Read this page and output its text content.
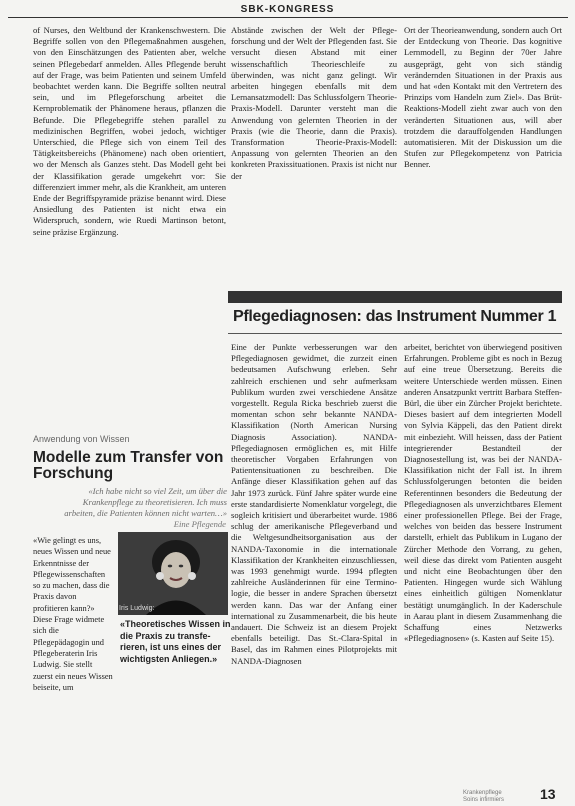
SBK-KONGRESS

of Nurses, den Weltbund der Krankenschwestern. Die Begriffe sollen von den Pflegemaßnahmen ausgehen, von den Einschätzungen des Patienten aber, welche seinen Pflegebedarf anmelden. Alles Pflegende beruht auf der Frage, was beim Patienten und seinem Umfeld beobachtet werden kann. Die Begriffe sollten neutral sein, und im Pflegeforschung arbeitet die Kernproblematik der Phänomene heraus, pflanzen die Befunde. Die Pflegebegriffe stehen parallel zu medizinischen Begriffen, wobei jedoch, wichtiger Unterschied, die Pflege sich von einem Teil des Tätigkeitsbereichs (Phänomene) nach oben orientiert, wo der Mensch als Ganzes steht. Das Modell geht bei der Klassifikation gerade umgekehrt vor: Sie differenziert immer mehr, als die Krankheit, am unteren Ende der Begriffspyramide präzise benannt wird. Diese Ansiedlung des Patienten ist nicht etwa ein Widerspruch, sondern, wie Ruedi Martinson betont, seine präzise Ergänzung.

Abstände zwischen der Welt der Pflegeforschung und der Welt der Pflegenden fast. Sie versucht diesen Abstand mit einer wissenschaftlich Theorieschleife zu überwinden, was nicht ganz gelingt. Wir arbeiten hingegen ebenfalls mit dem Lernansatzmodell: Das Schlussfolgern Theorie-Praxis-Modell. Darunter versteht man die Anwendung von gelernten Theorien in der Praxis (wie die Theorie, dann die Praxis). Transformation Theorie-Praxis-Modell: Anpassung von gelernten Theorien an den konkreten Praxissituationen. Praxis ist nicht nur der

Ort der Theorieanwendung, sondern auch Ort der Entdeckung von Theorie. Das kognitive Lernmodell, zu Beginn der 70er Jahre ausgeprägt, geht von sich ständig verändernden Situationen in der Praxis aus und hat «den Kontakt mit den Vertretern des Prinzips vom Handeln zum Ziel». Das Brüt-Reaktions-Modell zieht zwar auch von den veränderten Situationen aus, will aber trotzdem die darauffolgenden Handlungen automatisieren. Mit der Diskussion um die Stufen zur Pflegekompetenz von Patricia Benner.

Pflegediagnosen: das Instrument Nummer 1

Eine der Punkte verbesserungen war den Pflegediagnosen gewidmet, die zurzeit einen bedeutsamen Aufschwung erleben. Sehr zahlreich erschienen und sehr aufmerksam Publikum wurden zwei verschiedene Ansätze vorgestellt. Regula Ricka beschrieb zuerst die momentan schon sehr bekannte NANDA-Klassifikation (North American Nursing Diagnosis Association). NANDA-Pflegediagnosen ermöglichen es, mit Hilfe theoretischer Vorgaben Erfahrungen von Patientensituationen zu beschreiben. Die Anfänge dieser Klassifikation gehen auf das Jahr 1973 zurück. Fünf Jahre später wurde eine erste standardisierte Nomenklatur vorgelegt, die sogleich kritisiert und überarbeitet wurde. 1986 schlug der amerikanische Pflegeverband und die Weltgesundheitsorganisation aus der NANDA-Taxonomie in die internationale Klassifikation der Krankheiten einzuschliessen, was 1993 genehmigt wurde. 1994 pflegten zahlreiche Ausländerinnen für eine Terminologie, die besser in andere Sprachen übersetzt werden kann. Das war der Anfang einer international zu Zusammenarbeit, die bis heute andauert. Die Schweiz ist an diesem Projekt ebenfalls beteiligt. Das St.-Clara-Spital in Basel, das im Rahmen eines Pilotprojekts mit NANDA-Diagnosen

arbeitet, berichtet von überwiegend positiven Erfahrungen. Probleme gibt es noch in Bezug auf eine treue Übersetzung. Bereits die weitere Unterschiede werden müssen. Einen anderen Ansatzpunkt vertritt Barbara Steffen-Bürl, die über ein Zürcher Projekt berichtete. Dieses basiert auf dem integrierten Modell von Sylvia Käppeli, das den Patient direkt mit einbezieht. Will heissen, dass der Patient integrierender Bestandteil der Diagnosestellung ist, was bei der NANDA-Klassifikation nicht der Fall ist. In ihrem Schlussfolgerungen betonten die beiden Referentinnen besonders die Bedeutung der Pflegediagnosen als unverzichtbares Element einer professionellen Pflege. Bei der Frage, welches von beiden das bessere Instrument darstellt, erhielt das Publikum in Lugano der Zürcher Methode den Vorrang, zu gehen, weil diese das direkt vom Patienten ausgeht und nicht eine Beobachtungen über den Patienten. Hingegen wurde sich Wählung eines einheitlich gültigen Nomenklatur bestätigt unumgänglich. In der Kaderschule in Aarau plant in diesem Zusammenhang die Schaffung eines Netzwerks «Pflegediagnosen» (s. Kasten auf Seite 15).

Anwendung von Wissen
Modelle zum Transfer von Forschung
«Ich habe nicht so viel Zeit, um über die Krankenpflege zu theoretisieren. Ich muss arbeiten, die Patienten können nicht warten…»
Eine Pflegende

«Wie gelingt es uns, neues Wissen und neue Erkenntnisse der Pflegewissenschaften so zu machen, dass die Praxis davon profitieren kann?» Diese Frage widmete sich die Pflegepädagogin und Pflegeberaterin Iris Ludwig. Sie stellt zuerst ein neues Wissen beiseite, um

Iris Ludwig:
«Theoretisches Wissen in die Praxis zu transferieren, ist uns eines der wichtigsten Anliegen.»
Krankenpflege
Soins infirmiers	13
